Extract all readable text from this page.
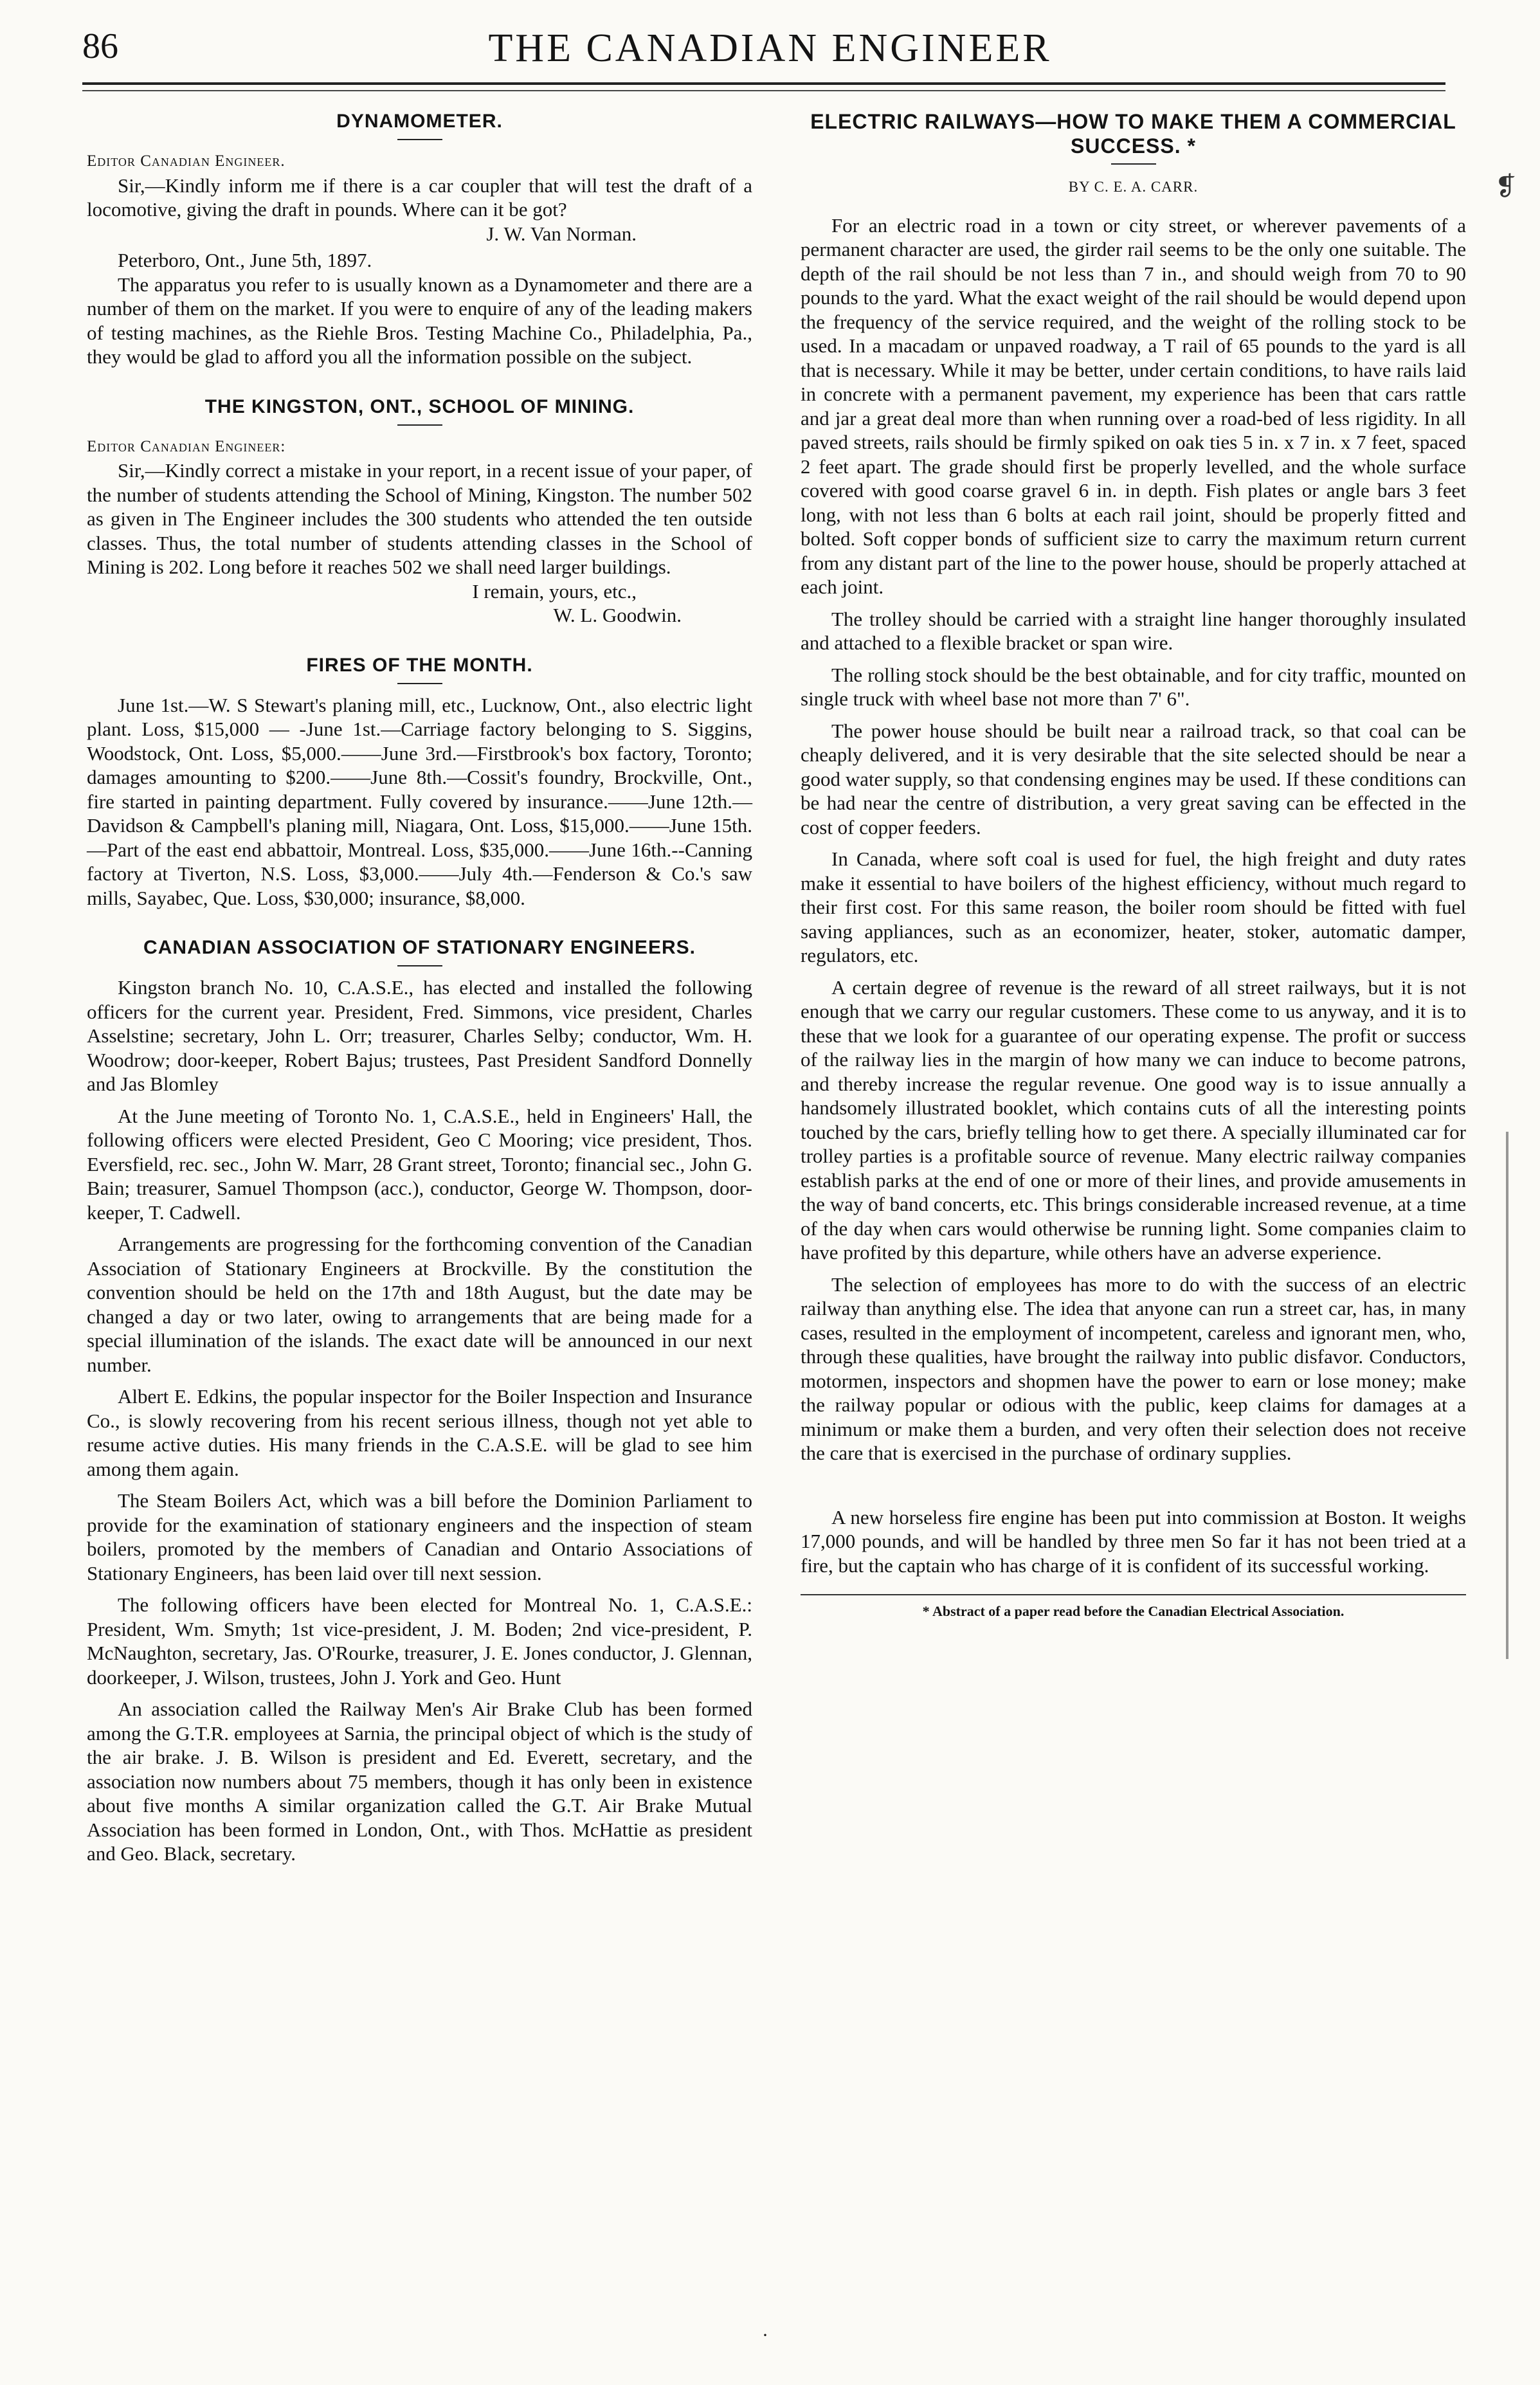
86	THE CANADIAN ENGINEER
DYNAMOMETER.

Editor Canadian Engineer.

Sir,—Kindly inform me if there is a car coupler that will test the draft of a locomotive, giving the draft in pounds. Where can it be got?

J. W. Van Norman.

Peterboro, Ont., June 5th, 1897.

The apparatus you refer to is usually known as a Dynamometer and there are a number of them on the market. If you were to enquire of any of the leading makers of testing machines, as the Riehle Bros. Testing Machine Co., Philadelphia, Pa., they would be glad to afford you all the information possible on the subject.

THE KINGSTON, ONT., SCHOOL OF MINING.

Editor Canadian Engineer:

Sir,—Kindly correct a mistake in your report, in a recent issue of your paper, of the number of students attending the School of Mining, Kingston. The number 502 as given in The Engineer includes the 300 students who attended the ten outside classes. Thus, the total number of students attending classes in the School of Mining is 202. Long before it reaches 502 we shall need larger buildings.

I remain, yours, etc.,

W. L. Goodwin.

FIRES OF THE MONTH.

June 1st.—W. S Stewart's planing mill, etc., Lucknow, Ont., also electric light plant. Loss, $15,000 — -June 1st.—Carriage factory belonging to S. Siggins, Woodstock, Ont. Loss, $5,000.——June 3rd.—Firstbrook's box factory, Toronto; damages amounting to $200.——June 8th.—Cossit's foundry, Brockville, Ont., fire started in painting department. Fully covered by insurance.——June 12th.—Davidson & Campbell's planing mill, Niagara, Ont. Loss, $15,000.——June 15th.—Part of the east end abbattoir, Montreal. Loss, $35,000.——June 16th.--Canning factory at Tiverton, N.S. Loss, $3,000.——July 4th.—Fenderson & Co.'s saw mills, Sayabec, Que. Loss, $30,000; insurance, $8,000.

CANADIAN ASSOCIATION OF STATIONARY ENGINEERS.

Kingston branch No. 10, C.A.S.E., has elected and installed the following officers for the current year. President, Fred. Simmons, vice president, Charles Asselstine; secretary, John L. Orr; treasurer, Charles Selby; conductor, Wm. H. Woodrow; door-keeper, Robert Bajus; trustees, Past President Sandford Donnelly and Jas Blomley

At the June meeting of Toronto No. 1, C.A.S.E., held in Engineers' Hall, the following officers were elected President, Geo C Mooring; vice president, Thos. Eversfield, rec. sec., John W. Marr, 28 Grant street, Toronto; financial sec., John G. Bain; treasurer, Samuel Thompson (acc.), conductor, George W. Thompson, door-keeper, T. Cadwell.

Arrangements are progressing for the forthcoming convention of the Canadian Association of Stationary Engineers at Brockville. By the constitution the convention should be held on the 17th and 18th August, but the date may be changed a day or two later, owing to arrangements that are being made for a special illumination of the islands. The exact date will be announced in our next number.

Albert E. Edkins, the popular inspector for the Boiler Inspection and Insurance Co., is slowly recovering from his recent serious illness, though not yet able to resume active duties. His many friends in the C.A.S.E. will be glad to see him among them again.

The Steam Boilers Act, which was a bill before the Dominion Parliament to provide for the examination of stationary engineers and the inspection of steam boilers, promoted by the members of Canadian and Ontario Associations of Stationary Engineers, has been laid over till next session.

The following officers have been elected for Montreal No. 1, C.A.S.E.: President, Wm. Smyth; 1st vice-president, J. M. Boden; 2nd vice-president, P. McNaughton, secretary, Jas. O'Rourke, treasurer, J. E. Jones conductor, J. Glennan, doorkeeper, J. Wilson, trustees, John J. York and Geo. Hunt

An association called the Railway Men's Air Brake Club has been formed among the G.T.R. employees at Sarnia, the principal object of which is the study of the air brake. J. B. Wilson is president and Ed. Everett, secretary, and the association now numbers about 75 members, though it has only been in existence about five months A similar organization called the G.T. Air Brake Mutual Association has been formed in London, Ont., with Thos. McHattie as president and Geo. Black, secretary.

ELECTRIC RAILWAYS—HOW TO MAKE THEM A COMMERCIAL SUCCESS. *

BY C. E. A. CARR.

For an electric road in a town or city street, or wherever pavements of a permanent character are used, the girder rail seems to be the only one suitable. The depth of the rail should be not less than 7 in., and should weigh from 70 to 90 pounds to the yard. What the exact weight of the rail should be would depend upon the frequency of the service required, and the weight of the rolling stock to be used. In a macadam or unpaved roadway, a T rail of 65 pounds to the yard is all that is necessary. While it may be better, under certain conditions, to have rails laid in concrete with a permanent pavement, my experience has been that cars rattle and jar a great deal more than when running over a road-bed of less rigidity. In all paved streets, rails should be firmly spiked on oak ties 5 in. x 7 in. x 7 feet, spaced 2 feet apart. The grade should first be properly levelled, and the whole surface covered with good coarse gravel 6 in. in depth. Fish plates or angle bars 3 feet long, with not less than 6 bolts at each rail joint, should be properly fitted and bolted. Soft copper bonds of sufficient size to carry the maximum return current from any distant part of the line to the power house, should be properly attached at each joint.

The trolley should be carried with a straight line hanger thoroughly insulated and attached to a flexible bracket or span wire.

The rolling stock should be the best obtainable, and for city traffic, mounted on single truck with wheel base not more than 7' 6".

The power house should be built near a railroad track, so that coal can be cheaply delivered, and it is very desirable that the site selected should be near a good water supply, so that condensing engines may be used. If these conditions can be had near the centre of distribution, a very great saving can be effected in the cost of copper feeders.

In Canada, where soft coal is used for fuel, the high freight and duty rates make it essential to have boilers of the highest efficiency, without much regard to their first cost. For this same reason, the boiler room should be fitted with fuel saving appliances, such as an economizer, heater, stoker, automatic damper, regulators, etc.

A certain degree of revenue is the reward of all street railways, but it is not enough that we carry our regular customers. These come to us anyway, and it is to these that we look for a guarantee of our operating expense. The profit or success of the railway lies in the margin of how many we can induce to become patrons, and thereby increase the regular revenue. One good way is to issue annually a handsomely illustrated booklet, which contains cuts of all the interesting points touched by the cars, briefly telling how to get there. A specially illuminated car for trolley parties is a profitable source of revenue. Many electric railway companies establish parks at the end of one or more of their lines, and provide amusements in the way of band concerts, etc. This brings considerable increased revenue, at a time of the day when cars would otherwise be running light. Some companies claim to have profited by this departure, while others have an adverse experience.

The selection of employees has more to do with the success of an electric railway than anything else. The idea that anyone can run a street car, has, in many cases, resulted in the employment of incompetent, careless and ignorant men, who, through these qualities, have brought the railway into public disfavor. Conductors, motormen, inspectors and shopmen have the power to earn or lose money; make the railway popular or odious with the public, keep claims for damages at a minimum or make them a burden, and very often their selection does not receive the care that is exercised in the purchase of ordinary supplies.

A new horseless fire engine has been put into commission at Boston. It weighs 17,000 pounds, and will be handled by three men So far it has not been tried at a fire, but the captain who has charge of it is confident of its successful working.

* Abstract of a paper read before the Canadian Electrical Association.

❡
·
